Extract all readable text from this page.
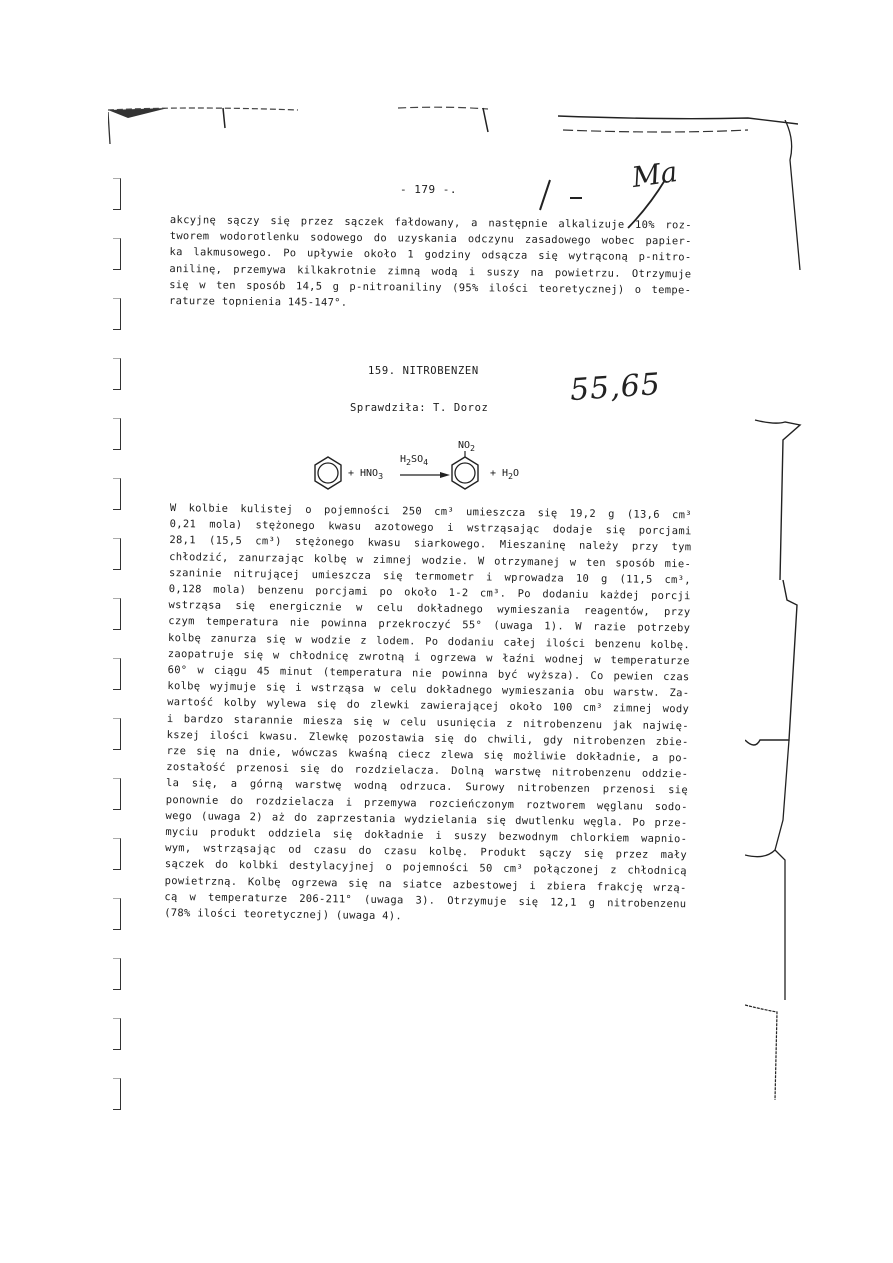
- 179 -.	Ma
akcyjnę sączy się przez sączek fałdowany, a następnie alkalizuje 10% roz-
tworem wodorotlenku sodowego do uzyskania odczynu zasadowego wobec papier-
ka lakmusowego. Po upływie około 1 godziny odsącza się wytrąconą p-nitro-
anilinę, przemywa kilkakrotnie zimną wodą i suszy na powietrzu. Otrzymuje
się w ten sposób 14,5 g p-nitroaniliny (95% ilości teoretycznej) o tempe-
raturze topnienia 145-147°.
159. NITROBENZEN
Sprawdziła: T. Doroz	55,65
+ $HNO_3$
$H_2SO_4$
$NO_2$
+ $H_2O$
W kolbie kulistej o pojemności 250 cm³ umieszcza się 19,2 g (13,6 cm³
0,21 mola) stężonego kwasu azotowego i wstrząsając dodaje się porcjami
28,1 (15,5 cm³) stężonego kwasu siarkowego. Mieszaninę należy przy tym
chłodzić, zanurzając kolbę w zimnej wodzie. W otrzymanej w ten sposób mie-
szaninie nitrującej umieszcza się termometr i wprowadza 10 g (11,5 cm³,
0,128 mola) benzenu porcjami po około 1-2 cm³. Po dodaniu każdej porcji
wstrząsa się energicznie w celu dokładnego wymieszania reagentów, przy
czym temperatura nie powinna przekroczyć 55° (uwaga 1). W razie potrzeby
kolbę zanurza się w wodzie z lodem. Po dodaniu całej ilości benzenu kolbę.
zaopatruje się w chłodnicę zwrotną i ogrzewa w łaźni wodnej w temperaturze
60° w ciągu 45 minut (temperatura nie powinna być wyższa). Co pewien czas
kolbę wyjmuje się i wstrząsa w celu dokładnego wymieszania obu warstw. Za-
wartość kolby wylewa się do zlewki zawierającej około 100 cm³ zimnej wody
i bardzo starannie miesza się w celu usunięcia z nitrobenzenu jak najwię-
kszej ilości kwasu. Zlewkę pozostawia się do chwili, gdy nitrobenzen zbie-
rze się na dnie, wówczas kwaśną ciecz zlewa się możliwie dokładnie, a po-
zostałość przenosi się do rozdzielacza. Dolną warstwę nitrobenzenu oddzie-
la się, a górną warstwę wodną odrzuca. Surowy nitrobenzen przenosi się
ponownie do rozdzielacza i przemywa rozcieńczonym roztworem węglanu sodo-
wego (uwaga 2) aż do zaprzestania wydzielania się dwutlenku węgla. Po prze-
myciu produkt oddziela się dokładnie i suszy bezwodnym chlorkiem wapnio-
wym, wstrząsając od czasu do czasu kolbę. Produkt sączy się przez mały
sączek do kolbki destylacyjnej o pojemności 50 cm³ połączonej z chłodnicą
powietrzną. Kolbę ogrzewa się na siatce azbestowej i zbiera frakcję wrzą-
cą w temperaturze 206-211° (uwaga 3). Otrzymuje się 12,1 g nitrobenzenu
(78% ilości teoretycznej) (uwaga 4).
